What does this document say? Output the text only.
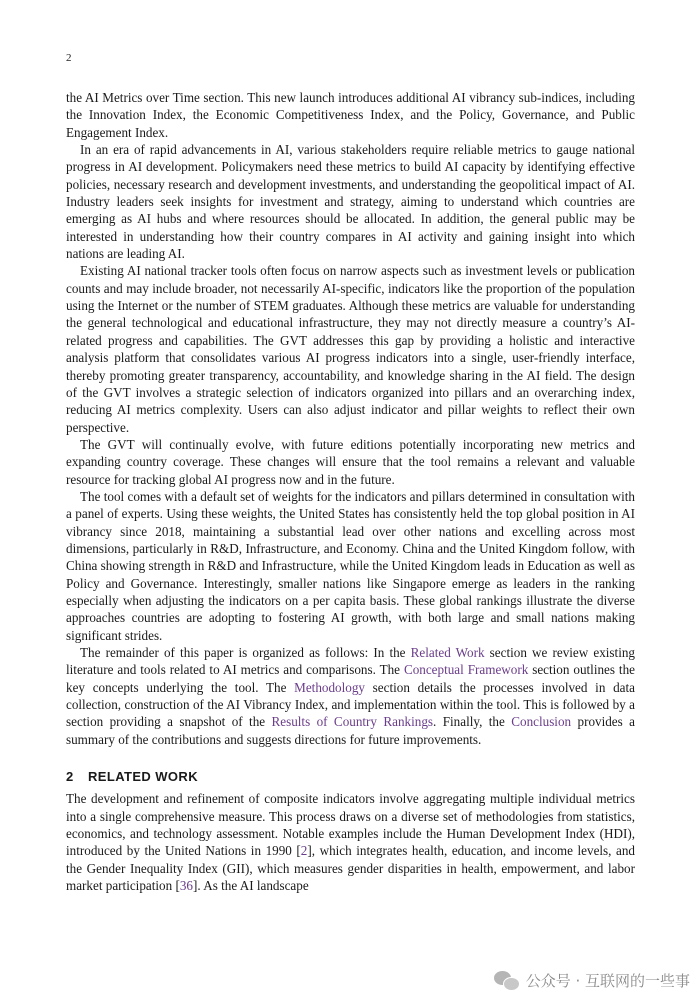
2

the AI Metrics over Time section. This new launch introduces additional AI vibrancy sub-indices, including the Innovation Index, the Economic Competitiveness Index, and the Policy, Governance, and Public Engagement Index.

In an era of rapid advancements in AI, various stakeholders require reliable metrics to gauge national progress in AI development. Policymakers need these metrics to build AI capacity by identifying effective policies, necessary research and development investments, and understanding the geopolitical impact of AI. Industry leaders seek insights for investment and strategy, aiming to understand which countries are emerging as AI hubs and where resources should be allocated. In addition, the general public may be interested in understanding how their country compares in AI activity and gaining insight into which nations are leading AI.

Existing AI national tracker tools often focus on narrow aspects such as investment levels or publication counts and may include broader, not necessarily AI-specific, indicators like the proportion of the population using the Internet or the number of STEM graduates. Although these metrics are valuable for understanding the general technological and educational infrastructure, they may not directly measure a country’s AI-related progress and capabilities. The GVT addresses this gap by providing a holistic and interactive analysis platform that consolidates various AI progress indicators into a single, user-friendly interface, thereby promoting greater transparency, accountability, and knowledge sharing in the AI field. The design of the GVT involves a strategic selection of indicators organized into pillars and an overarching index, reducing AI metrics complexity. Users can also adjust indicator and pillar weights to reflect their own perspective.

The GVT will continually evolve, with future editions potentially incorporating new metrics and expanding country coverage. These changes will ensure that the tool remains a relevant and valuable resource for tracking global AI progress now and in the future.

The tool comes with a default set of weights for the indicators and pillars determined in consultation with a panel of experts. Using these weights, the United States has consistently held the top global position in AI vibrancy since 2018, maintaining a substantial lead over other nations and excelling across most dimensions, particularly in R&D, Infrastructure, and Economy. China and the United Kingdom follow, with China showing strength in R&D and Infrastructure, while the United Kingdom leads in Education as well as Policy and Governance. Interestingly, smaller nations like Singapore emerge as leaders in the ranking especially when adjusting the indicators on a per capita basis. These global rankings illustrate the diverse approaches countries are adopting to fostering AI growth, with both large and small nations making significant strides.

The remainder of this paper is organized as follows: In the Related Work section we review existing literature and tools related to AI metrics and comparisons. The Conceptual Framework section outlines the key concepts underlying the tool. The Methodology section details the processes involved in data collection, construction of the AI Vibrancy Index, and implementation within the tool. This is followed by a section providing a snapshot of the Results of Country Rankings. Finally, the Conclusion provides a summary of the contributions and suggests directions for future improvements.

2 RELATED WORK

The development and refinement of composite indicators involve aggregating multiple individual metrics into a single comprehensive measure. This process draws on a diverse set of methodologies from statistics, economics, and technology assessment. Notable examples include the Human Development Index (HDI), introduced by the United Nations in 1990 [2], which integrates health, education, and income levels, and the Gender Inequality Index (GII), which measures gender disparities in health, empowerment, and labor market participation [36]. As the AI landscape

公众号 · 互联网的一些事
